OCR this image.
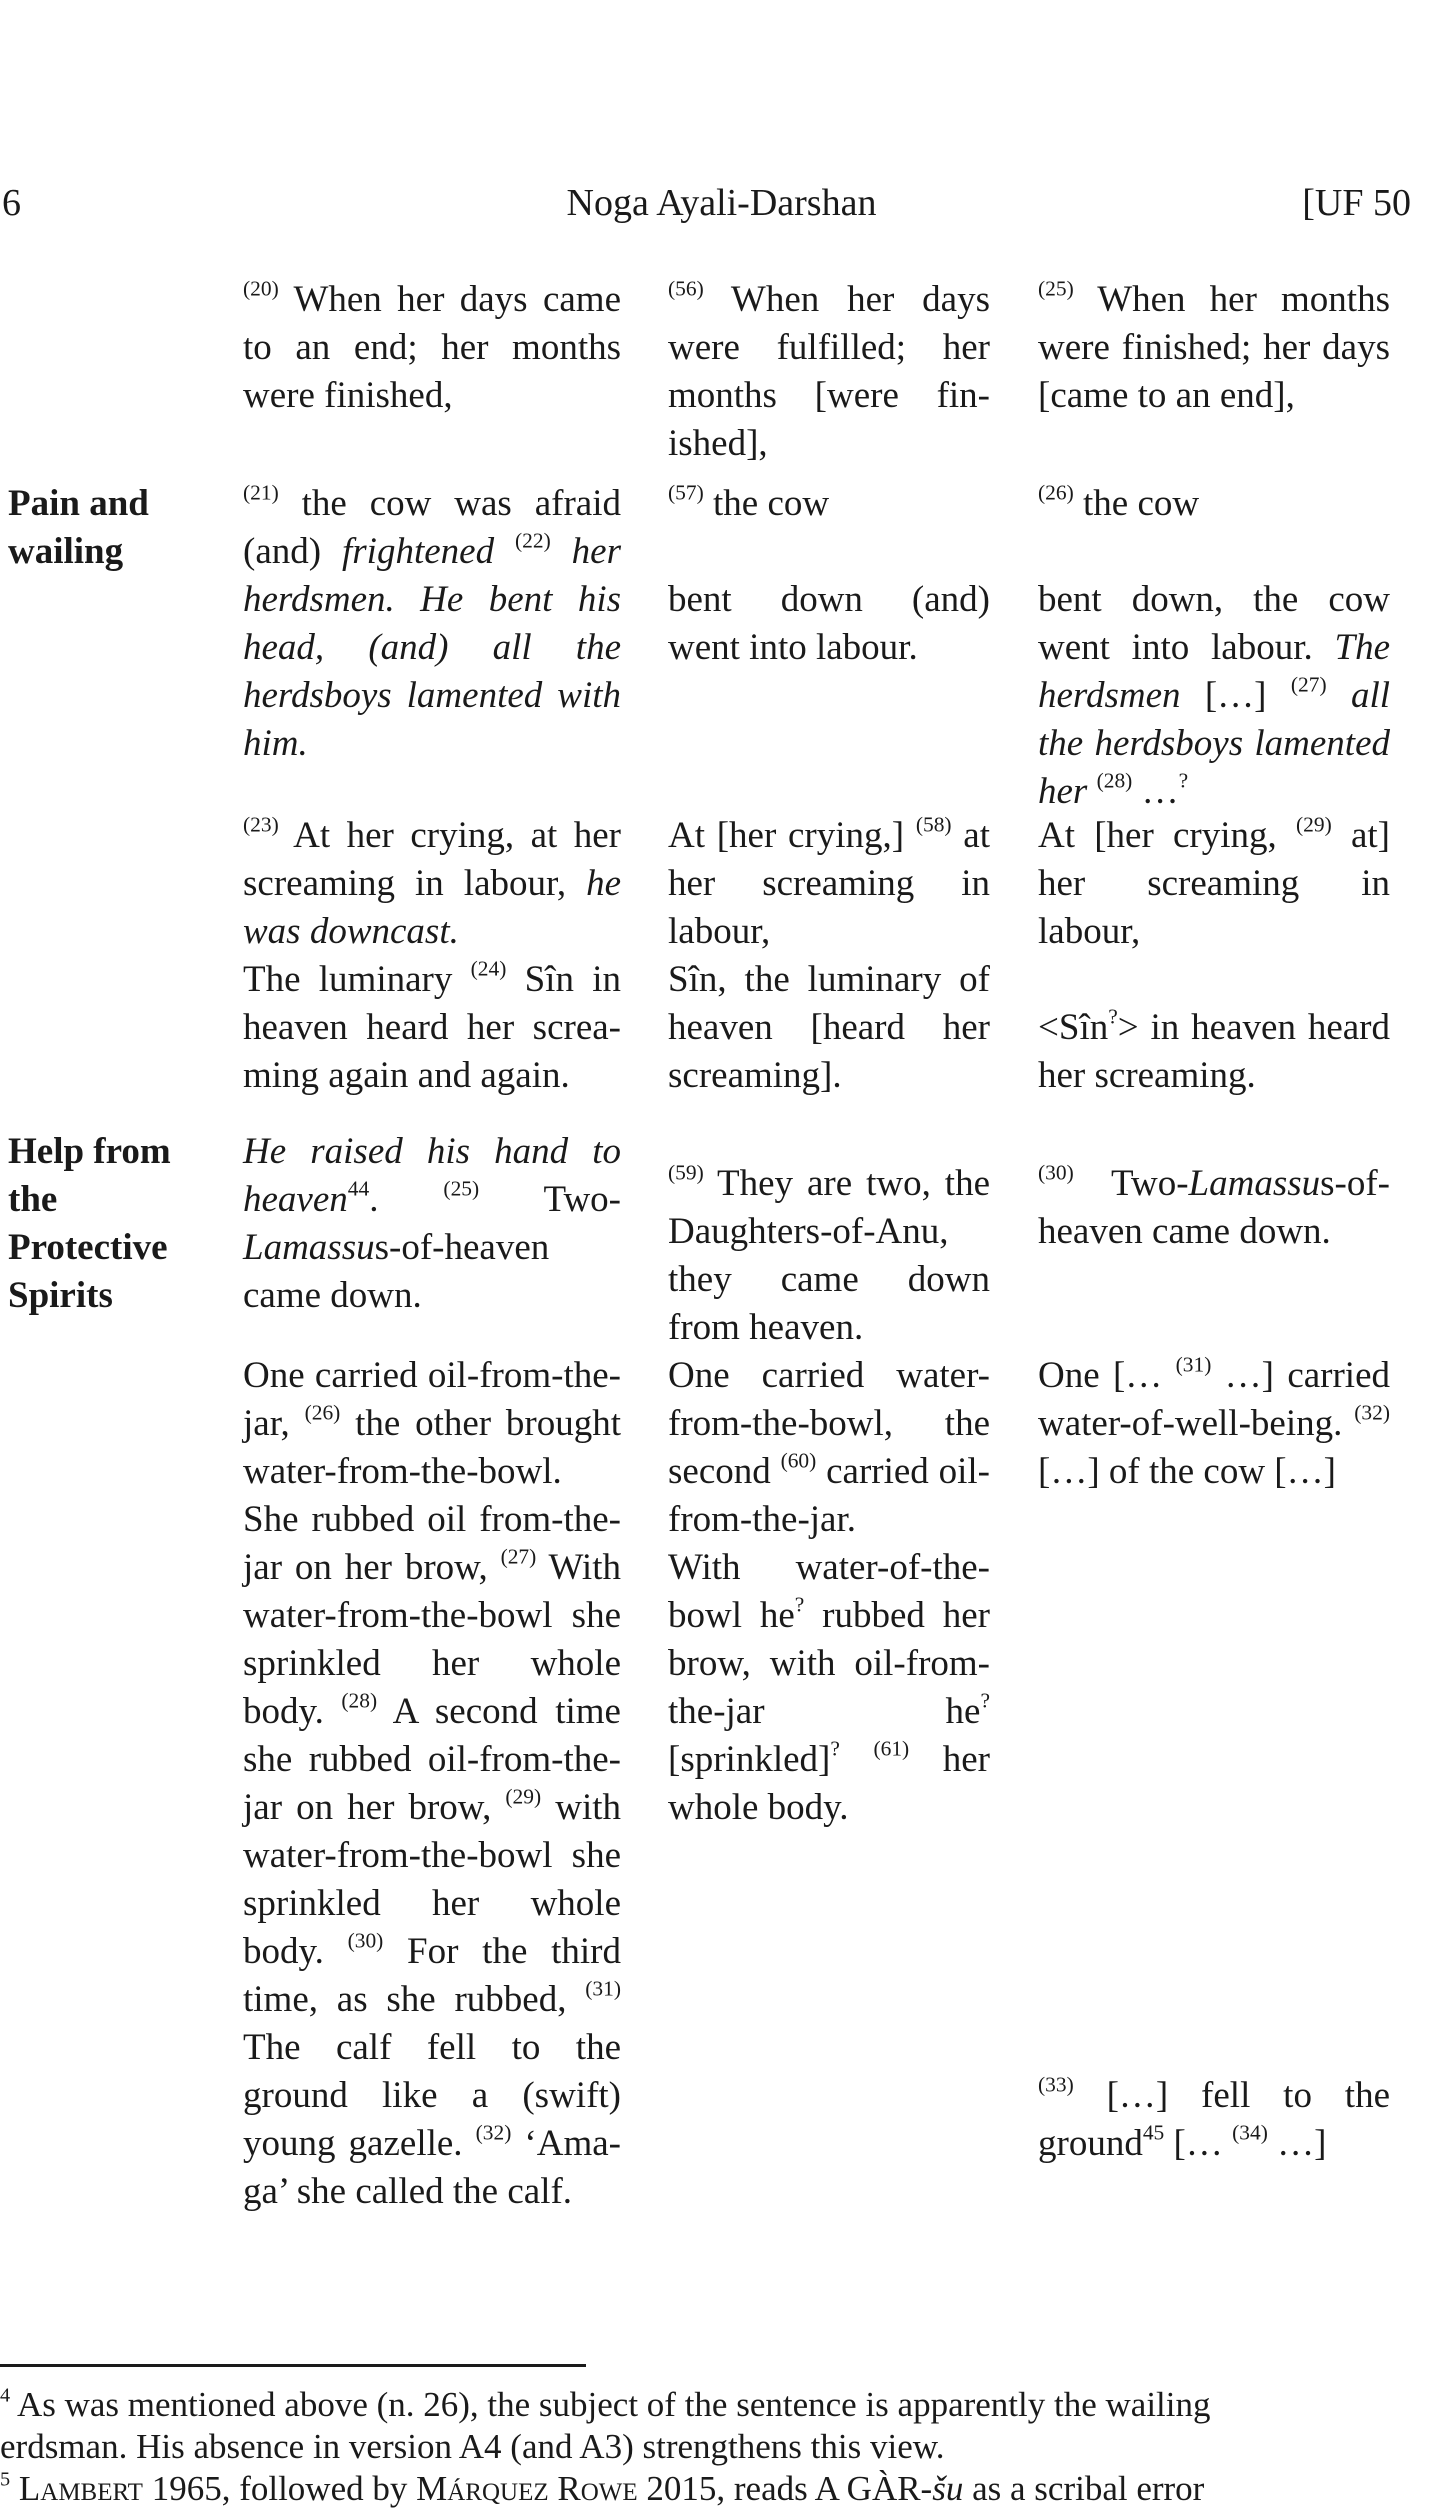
6	Noga Ayali-Darshan	[UF 50
Pain and
wailing
Help from
the
Protective
Spirits
$^{(20)}$ When her days came to an end; her months were finished,
$^{(21)}$ the cow was afraid (and) frightened $^{(22)}$ her herdsmen. He bent his head, (and) all the herdsboys lamented with him.
$^{(23)}$ At her crying, at her screaming in labour, he was downcast.
The luminary $^{(24)}$ Sîn in heaven heard her screa-ming again and again.
He raised his hand to heaven$^{44}$. $^{(25)}$ Two-Lamassus-of-heaven came down.
One carried oil-from-the-jar, $^{(26)}$ the other brought water-from-the-bowl. She rubbed oil from-the-jar on her brow, $^{(27)}$ With water-from-the-bowl she sprinkled her whole body. $^{(28)}$ A second time she rubbed oil-from-the-jar on her brow, $^{(29)}$ with water-from-the-bowl she sprinkled her whole body. $^{(30)}$ For the third time, as she rubbed, $^{(31)}$ The calf fell to the ground like a (swift) young gazelle. $^{(32)}$ ‘Ama-ga’ she called the calf.
$^{(56)}$ When her days were fulfilled; her months [were fin-ished],
$^{(57)}$ the cow
bent down (and) went into labour.
At [her crying,] $^{(58)}$ at her screaming in labour,
Sîn, the luminary of heaven [heard her screaming].
$^{(59)}$ They are two, the Daughters-of-Anu, they came down from heaven.
One carried water-from-the-bowl, the second $^{(60)}$ carried oil-from-the-jar.
With water-of-the-bowl he? rubbed her brow, with oil-from-the-jar he? [sprinkled]? $^{(61)}$ her whole body.
$^{(25)}$ When her months were finished; her days [came to an end],
$^{(26)}$ the cow
bent down, the cow went into labour. The herdsmen […] $^{(27)}$ all the herdsboys lamented her $^{(28)}$ …?
At [her crying, $^{(29)}$ at] her screaming in labour,
<Sîn?> in heaven heard her screaming.
$^{(30)}$ Two-Lamassus-of-heaven came down.
One [… $^{(31)}$ …] carried water-of-well-being. $^{(32)}$ […] of the cow […]
$^{(33)}$ […] fell to the ground$^{45}$ [… $^{(34)}$ …]
$^4$ As was mentioned above (n. 26), the subject of the sentence is apparently the wailing
erdsman. His absence in version A4 (and A3) strengthens this view.
$^5$ Lambert 1965, followed by Márquez Rowe 2015, reads A GÀR-šu as a scribal error
